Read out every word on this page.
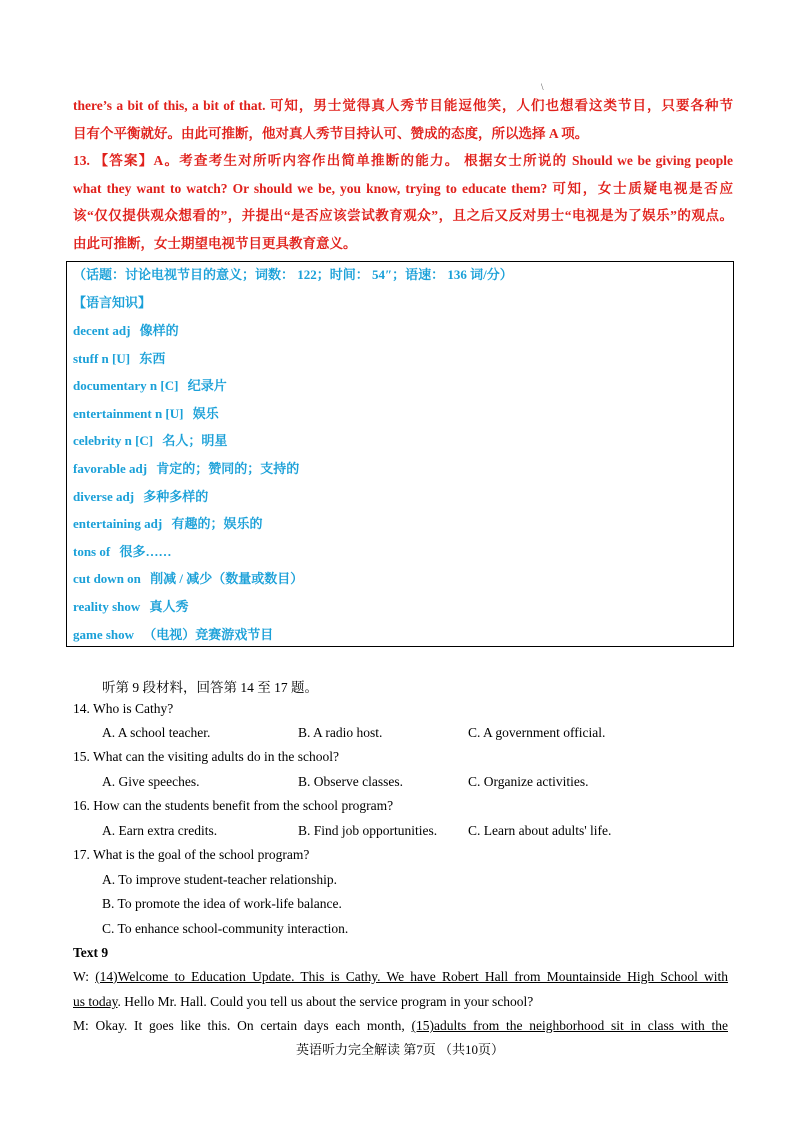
\
there’s a bit of this, a bit of that. 可知，男士觉得真人秀节目能逗他笑，人们也想看这类节目，只要各种节
目有个平衡就好。由此可推断，他对真人秀节目持认可、赞成的态度，所以选择 A 项。
13. 【答案】A。考查考生对所听内容作出简单推断的能力。 根据女士所说的 Should we be giving people
what they want to watch? Or should we be, you know, trying to educate them? 可知，女士质疑电视是否应
该“仅仅提供观众想看的”，并提出“是否应该尝试教育观众”，且之后又反对男士“电视是为了娱乐”的观点。
由此可推断，女士期望电视节目更具教育意义。
（话题：讨论电视节目的意义；词数： 122；时间： 54″；语速： 136 词/分）
【语言知识】
decent adj 像样的
stuff n [U] 东西
documentary n [C] 纪录片
entertainment n [U] 娱乐
celebrity n [C] 名人；明星
favorable adj 肯定的；赞同的；支持的
diverse adj 多种多样的
entertaining adj 有趣的；娱乐的
tons of 很多……
cut down on 削减 / 减少（数量或数目）
reality show 真人秀
game show （电视）竞赛游戏节目
听第 9 段材料，回答第 14 至 17 题。
14. Who is Cathy?
A. A school teacher.	B. A radio host.	C. A government official.
15. What can the visiting adults do in the school?
A. Give speeches.	B. Observe classes.	C. Organize activities.
16. How can the students benefit from the school program?
A. Earn extra credits.	B. Find job opportunities. C. Learn about adults' life.
17. What is the goal of the school program?
A. To improve student-teacher relationship.
B. To promote the idea of work-life balance.
C. To enhance school-community interaction.
Text 9
W: (14)Welcome to Education Update. This is Cathy. We have Robert Hall from Mountainside High School with
us today. Hello Mr. Hall. Could you tell us about the service program in your school?
M: Okay. It goes like this. On certain days each month, (15)adults from the neighborhood sit in class with the
英语听力完全解读 第7页 （共10页）
